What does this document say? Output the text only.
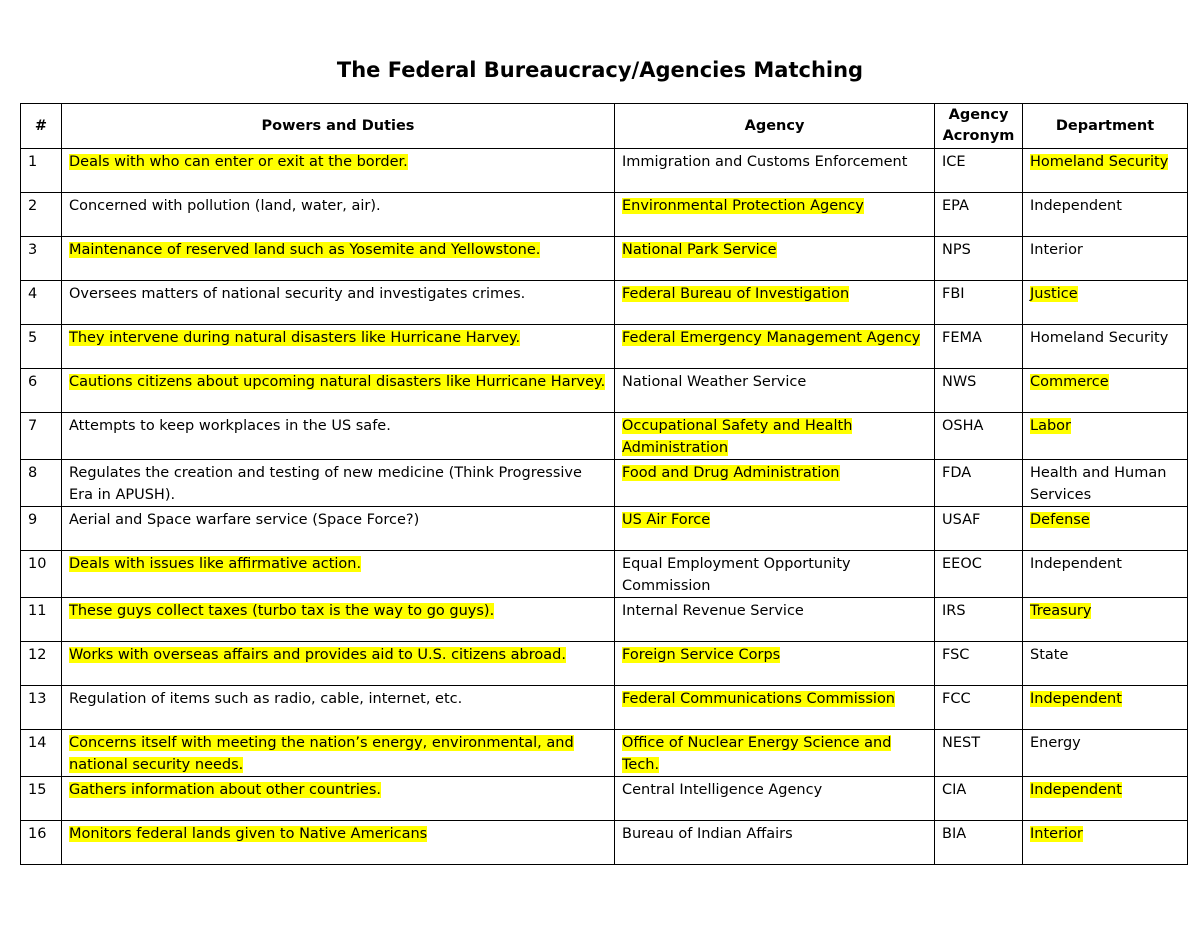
The Federal Bureaucracy/Agencies Matching
#	Powers and Duties	Agency	Agency Acronym	Department
1	Deals with who can enter or exit at the border.	Immigration and Customs Enforcement	ICE	Homeland Security
2	Concerned with pollution (land, water, air).	Environmental Protection Agency	EPA	Independent
3	Maintenance of reserved land such as Yosemite and Yellowstone.	National Park Service	NPS	Interior
4	Oversees matters of national security and investigates crimes.	Federal Bureau of Investigation	FBI	Justice
5	They intervene during natural disasters like Hurricane Harvey.	Federal Emergency Management Agency	FEMA	Homeland Security
6	Cautions citizens about upcoming natural disasters like Hurricane Harvey.	National Weather Service	NWS	Commerce
7	Attempts to keep workplaces in the US safe.	Occupational Safety and Health Administration	OSHA	Labor
8	Regulates the creation and testing of new medicine (Think Progressive Era in APUSH).	Food and Drug Administration	FDA	Health and Human Services
9	Aerial and Space warfare service (Space Force?)	US Air Force	USAF	Defense
10	Deals with issues like affirmative action.	Equal Employment Opportunity Commission	EEOC	Independent
11	These guys collect taxes (turbo tax is the way to go guys).	Internal Revenue Service	IRS	Treasury
12	Works with overseas affairs and provides aid to U.S. citizens abroad.	Foreign Service Corps	FSC	State
13	Regulation of items such as radio, cable, internet, etc.	Federal Communications Commission	FCC	Independent
14	Concerns itself with meeting the nation’s energy, environmental, and national security needs.	Office of Nuclear Energy Science and Tech.	NEST	Energy
15	Gathers information about other countries.	Central Intelligence Agency	CIA	Independent
16	Monitors federal lands given to Native Americans	Bureau of Indian Affairs	BIA	Interior
